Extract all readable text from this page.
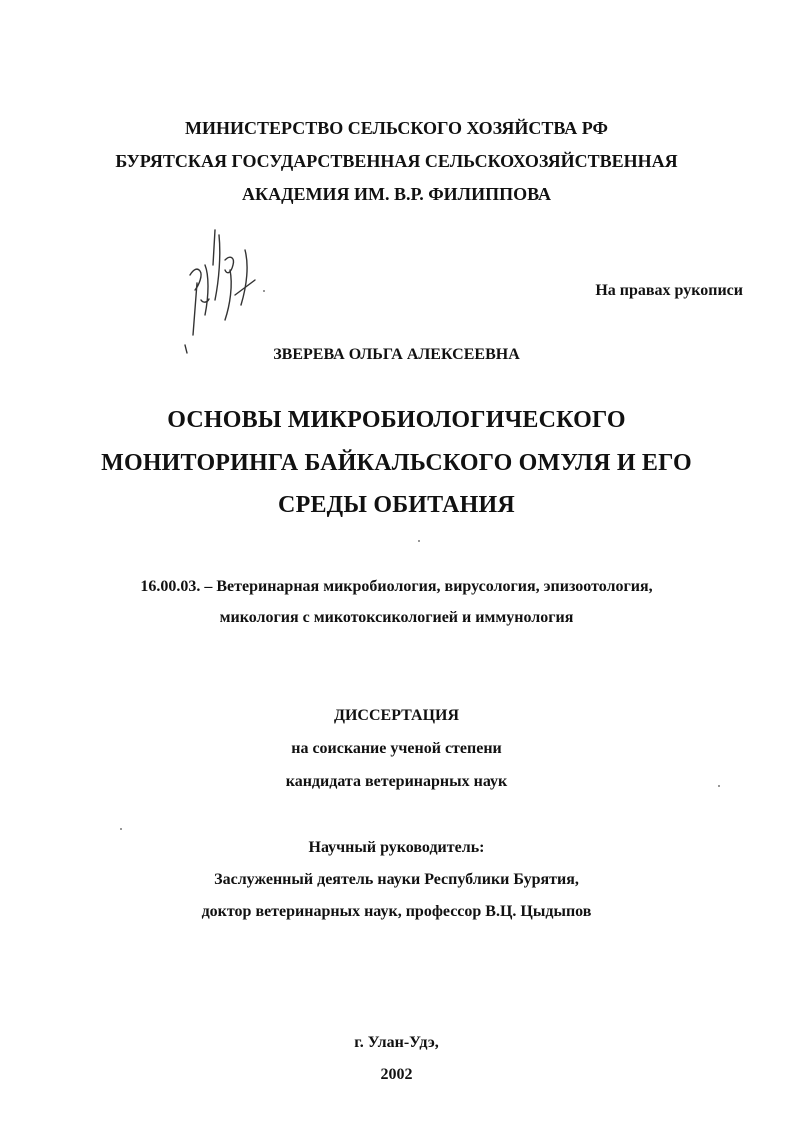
МИНИСТЕРСТВО СЕЛЬСКОГО ХОЗЯЙСТВА РФ
БУРЯТСКАЯ ГОСУДАРСТВЕННАЯ СЕЛЬСКОХОЗЯЙСТВЕННАЯ
АКАДЕМИЯ ИМ. В.Р. ФИЛИППОВА
На правах рукописи
ЗВЕРЕВА ОЛЬГА АЛЕКСЕЕВНА
ОСНОВЫ МИКРОБИОЛОГИЧЕСКОГО
МОНИТОРИНГА БАЙКАЛЬСКОГО ОМУЛЯ И ЕГО
СРЕДЫ ОБИТАНИЯ
16.00.03. – Ветеринарная микробиология, вирусология, эпизоотология,
микология с микотоксикологией и иммунология
ДИССЕРТАЦИЯ
на соискание ученой степени
кандидата ветеринарных наук
Научный руководитель:
Заслуженный деятель науки Республики Бурятия,
доктор ветеринарных наук, профессор В.Ц. Цыдыпов
г. Улан-Удэ,
2002
